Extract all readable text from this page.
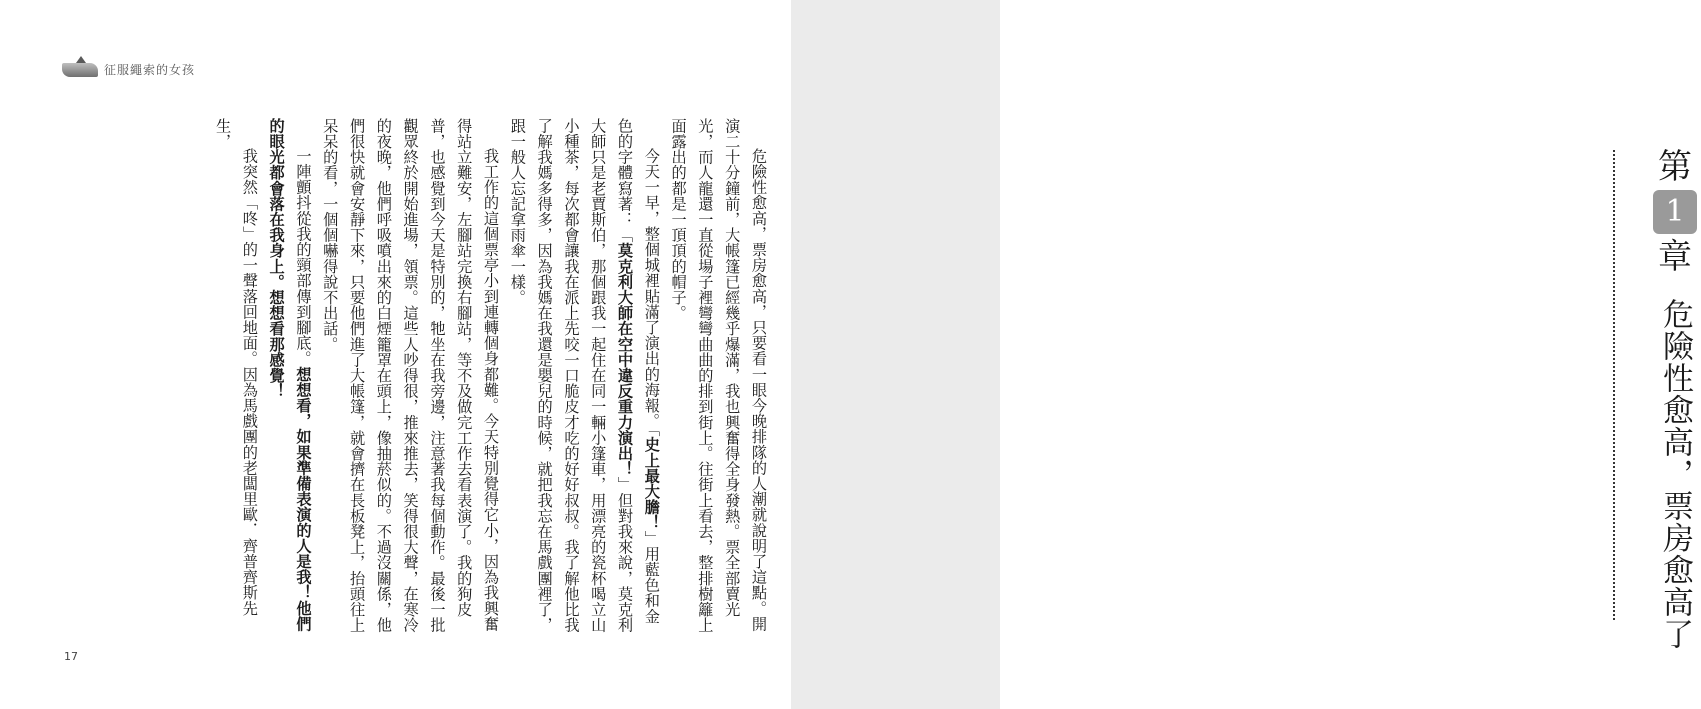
征服繩索的女孩

危險性愈高，票房愈高，只要看一眼今晚排隊的人潮就說明了這點。開演二十分鐘前，大帳篷已經幾乎爆滿，我也興奮得全身發熱。票全部賣光光，而人龍還一直從場子裡彎彎曲曲的排到街上。往街上看去，整排樹籬上面露出的都是一頂頂的帽子。

今天一早，整個城裡貼滿了演出的海報。「史上最大膽！」用藍色和金色的字體寫著：「莫克利大師在空中違反重力演出！」但對我來說，莫克利大師只是老賈斯伯，那個跟我一起住在同一輛小篷車，用漂亮的瓷杯喝立山小種茶，每次都會讓我在派上先咬一口脆皮才吃的好好叔叔。我了解他比我了解我媽多得多，因為我媽在我還是嬰兒的時候，就把我忘在馬戲團裡了，跟一般人忘記拿雨傘一樣。

我工作的這個票亭小到連轉個身都難。今天特別覺得它小，因為我興奮得站立難安，左腳站完換右腳站，等不及做完工作去看表演了。我的狗皮普，也感覺到今天是特別的，牠坐在我旁邊，注意著我每個動作。最後一批觀眾終於開始進場，領票。這些人吵得很，推來推去，笑得很大聲，在寒冷的夜晚，他們呼吸噴出來的白煙籠罩在頭上，像抽菸似的。不過沒關係，他們很快就會安靜下來，只要他們進了大帳篷，就會擠在長板凳上，抬頭往上呆呆的看，一個個嚇得說不出話。

一陣顫抖從我的頸部傳到腳底。想想看，如果準備表演的人是我！他們的眼光都會落在我身上。想想看那感覺！

我突然「咚」的一聲落回地面。因為馬戲團的老闆里歐．齊普齊斯先生，

17
第
1
章
危險性愈高，票房愈高了
